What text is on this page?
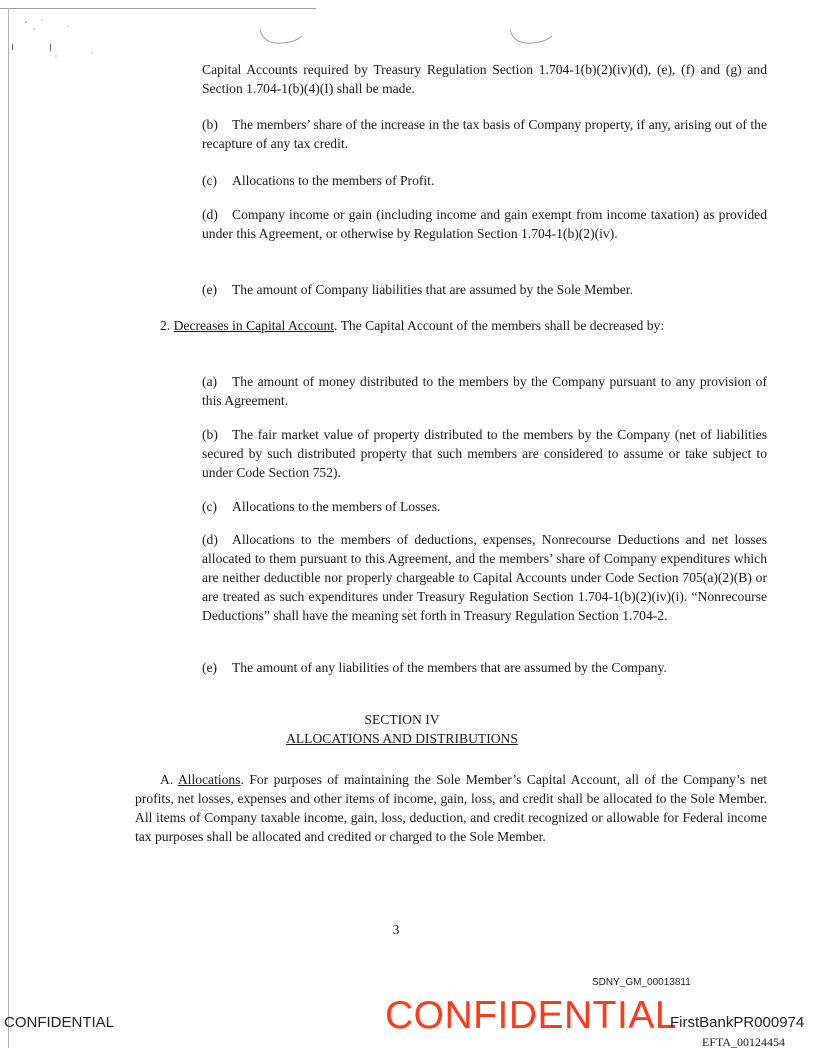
Capital Accounts required by Treasury Regulation Section 1.704-1(b)(2)(iv)(d), (e), (f) and (g) and Section 1.704-1(b)(4)(I) shall be made.

(b) The members’ share of the increase in the tax basis of Company property, if any, arising out of the recapture of any tax credit.

(c) Allocations to the members of Profit.

(d) Company income or gain (including income and gain exempt from income taxation) as provided under this Agreement, or otherwise by Regulation Section 1.704-1(b)(2)(iv).

(e) The amount of Company liabilities that are assumed by the Sole Member.

2. Decreases in Capital Account. The Capital Account of the members shall be decreased by:

(a) The amount of money distributed to the members by the Company pursuant to any provision of this Agreement.

(b) The fair market value of property distributed to the members by the Company (net of liabilities secured by such distributed property that such members are considered to assume or take subject to under Code Section 752).

(c) Allocations to the members of Losses.

(d) Allocations to the members of deductions, expenses, Nonrecourse Deductions and net losses allocated to them pursuant to this Agreement, and the members’ share of Company expenditures which are neither deductible nor properly chargeable to Capital Accounts under Code Section 705(a)(2)(B) or are treated as such expenditures under Treasury Regulation Section 1.704-1(b)(2)(iv)(i). “Nonrecourse Deductions” shall have the meaning set forth in Treasury Regulation Section 1.704-2.

(e) The amount of any liabilities of the members that are assumed by the Company.

SECTION IV
ALLOCATIONS AND DISTRIBUTIONS

A. Allocations. For purposes of maintaining the Sole Member’s Capital Account, all of the Company’s net profits, net losses, expenses and other items of income, gain, loss, and credit shall be allocated to the Sole Member. All items of Company taxable income, gain, loss, deduction, and credit recognized or allowable for Federal income tax purposes shall be allocated and credited or charged to the Sole Member.

3
SDNY_GM_00013811
CONFIDENTIAL	CONFIDENTIAL
FirstBankPR000974
EFTA_00124454
